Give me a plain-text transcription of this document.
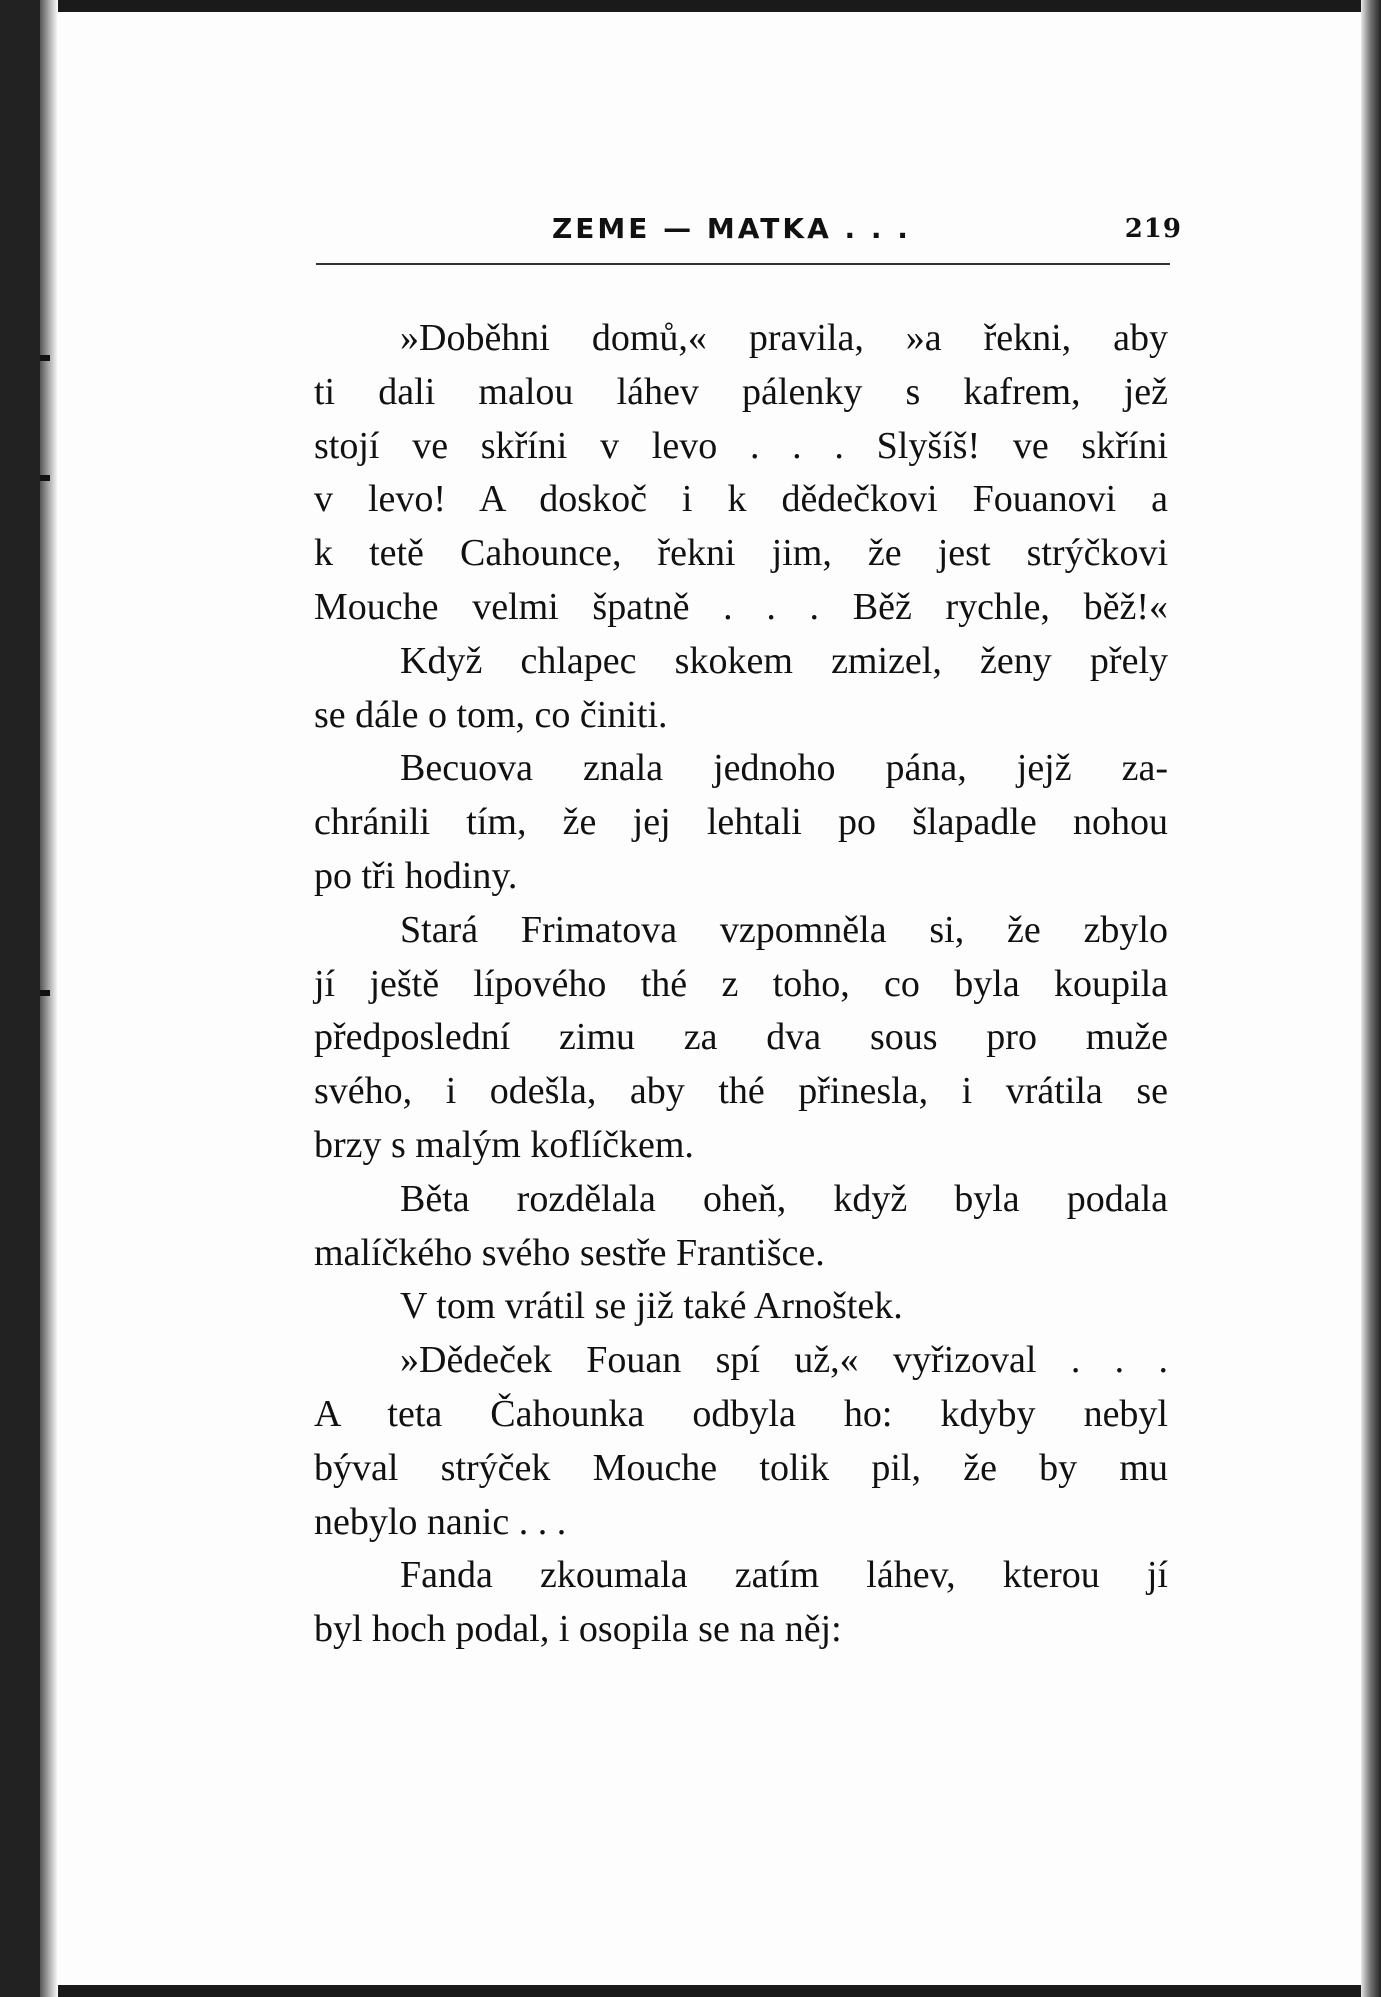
ZEME — MATKA . . .	219
»Doběhni domů,« pravila, »a řekni, aby
ti dali malou láhev pálenky s kafrem, jež
stojí ve skříni v levo . . . Slyšíš! ve skříni
v levo! A doskoč i k dědečkovi Fouanovi a
k tetě Cahounce, řekni jim, že jest strýčkovi
Mouche velmi špatně . . . Běž rychle, běž!«
Když chlapec skokem zmizel, ženy přely
se dále o tom, co činiti.
Becuova znala jednoho pána, jejž za-
chránili tím, že jej lehtali po šlapadle nohou
po tři hodiny.
Stará Frimatova vzpomněla si, že zbylo
jí ještě lípového thé z toho, co byla koupila
předposlední zimu za dva sous pro muže
svého, i odešla, aby thé přinesla, i vrátila se
brzy s malým koflíčkem.
Běta rozdělala oheň, když byla podala
malíčkého svého sestře Františce.
V tom vrátil se již také Arnoštek.
»Dědeček Fouan spí už,« vyřizoval . . .
A teta Čahounka odbyla ho: kdyby nebyl
býval strýček Mouche tolik pil, že by mu
nebylo nanic . . .
Fanda zkoumala zatím láhev, kterou jí
byl hoch podal, i osopila se na něj:
